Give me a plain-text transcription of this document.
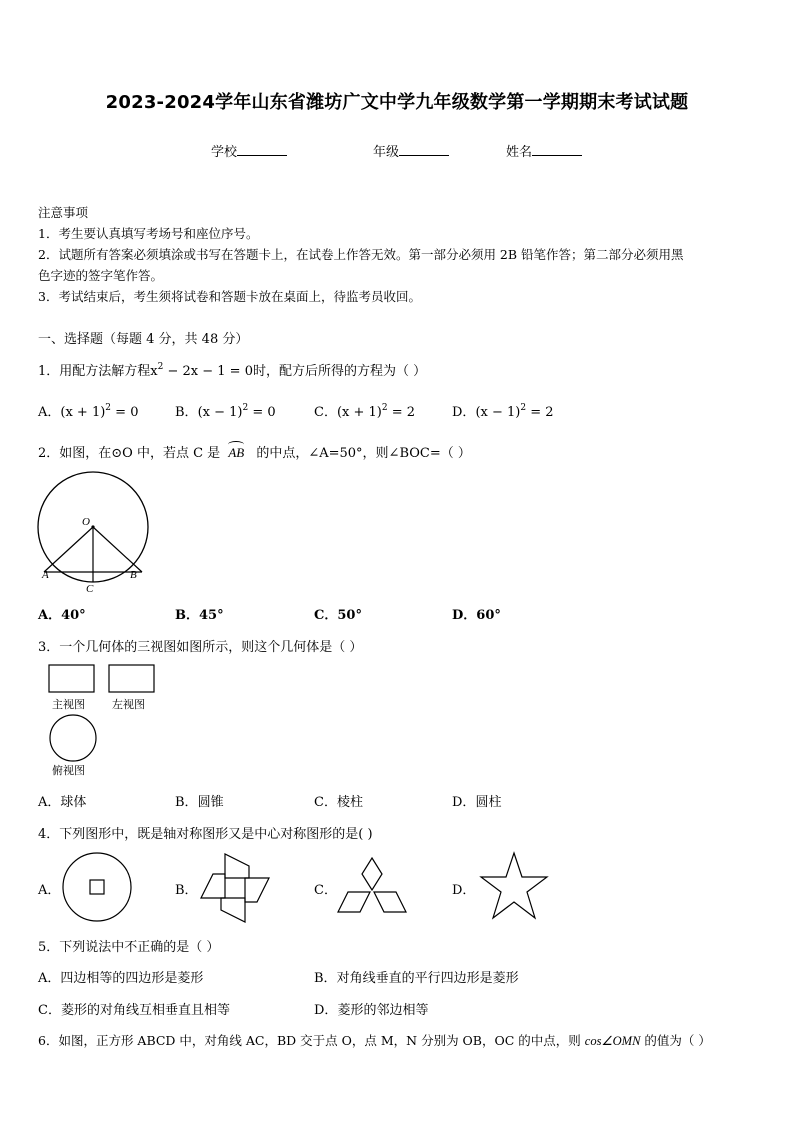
2023-2024学年山东省潍坊广文中学九年级数学第一学期期末考试试题
学校	年级	姓名
注意事项
1．考生要认真填写考场号和座位序号。
2．试题所有答案必须填涂或书写在答题卡上，在试卷上作答无效。第一部分必须用 2B 铅笔作答；第二部分必须用黑
色字迹的签字笔作答。
3．考试结束后，考生须将试卷和答题卡放在桌面上，待监考员收回。
一、选择题（每题 4 分，共 48 分）
1．用配方法解方程$x^2 - 2x - 1 = 0$时，配方后所得的方程为（ ）
A．$(x + 1)^2 = 0$	B．$(x - 1)^2 = 0$	C．$(x + 1)^2 = 2$	D．$(x - 1)^2 = 2$
2．如图，在⊙O 中，若点 C 是 AB 的中点，∠A=50°，则∠BOC=（ ）
O
A	B
C
A．40°	B．45°	C．50°	D．60°
3．一个几何体的三视图如图所示，则这个几何体是（ ）
主视图 左视图
俯视图
A．球体	B．圆锥	C．棱柱	D．圆柱
4．下列图形中，既是轴对称图形又是中心对称图形的是( )
A．	B．	C．	D．
5．下列说法中不正确的是（ ）
A．四边相等的四边形是菱形	B．对角线垂直的平行四边形是菱形
C．菱形的对角线互相垂直且相等	D．菱形的邻边相等
6．如图，正方形 ABCD 中，对角线 AC，BD 交于点 O，点 M，N 分别为 OB，OC 的中点，则 cos∠OMN 的值为（ ）
